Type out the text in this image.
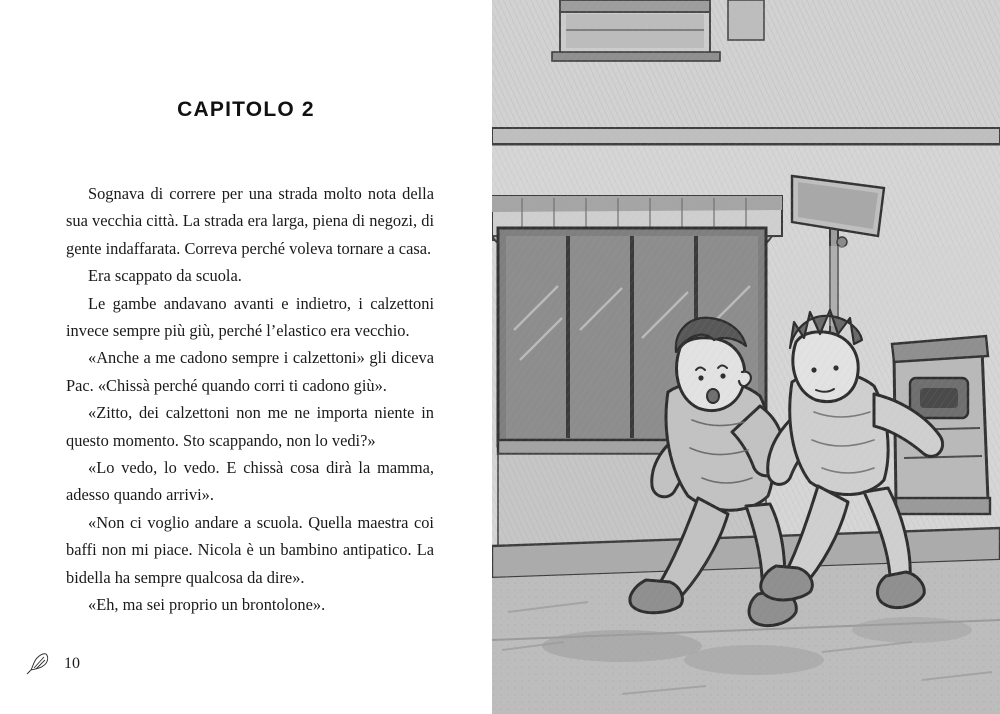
CAPITOLO 2

Sognava di correre per una strada molto nota della sua vecchia città. La strada era larga, piena di negozi, di gente indaffarata. Correva perché voleva tornare a casa.

Era scappato da scuola.

Le gambe andavano avanti e indietro, i calzettoni invece sempre più giù, perché l’elastico era vecchio.

«Anche a me cadono sempre i calzettoni» gli diceva Pac. «Chissà perché quando corri ti cadono giù».

«Zitto, dei calzettoni non me ne importa niente in questo momento. Sto scappando, non lo vedi?»

«Lo vedo, lo vedo. E chissà cosa dirà la mamma, adesso quando arrivi».

«Non ci voglio andare a scuola. Quella maestra coi baffi non mi piace. Nicola è un bambino antipatico. La bidella ha sempre qualcosa da dire».

«Eh, ma sei proprio un brontolone».

10
